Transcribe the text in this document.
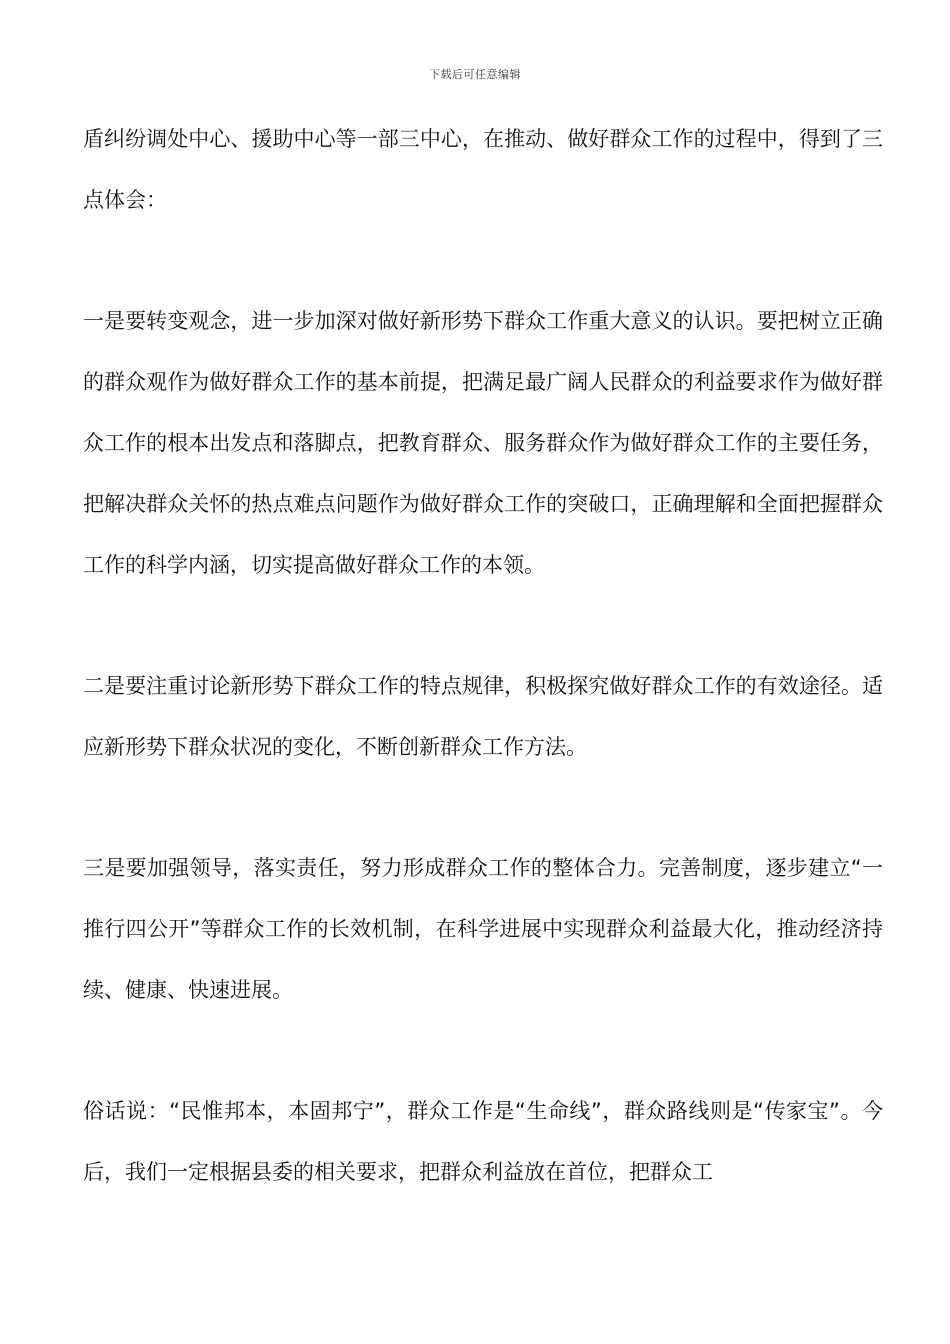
下载后可任意编辑

盾纠纷调处中心、援助中心等一部三中心，在推动、做好群众工作的过程中，得到了三点体会：

一是要转变观念，进一步加深对做好新形势下群众工作重大意义的认识。要把树立正确的群众观作为做好群众工作的基本前提，把满足最广阔人民群众的利益要求作为做好群众工作的根本出发点和落脚点，把教育群众、服务群众作为做好群众工作的主要任务，把解决群众关怀的热点难点问题作为做好群众工作的突破口，正确理解和全面把握群众工作的科学内涵，切实提高做好群众工作的本领。

二是要注重讨论新形势下群众工作的特点规律，积极探究做好群众工作的有效途径。适应新形势下群众状况的变化，不断创新群众工作方法。

三是要加强领导，落实责任，努力形成群众工作的整体合力。完善制度，逐步建立“一推行四公开”等群众工作的长效机制，在科学进展中实现群众利益最大化，推动经济持续、健康、快速进展。

俗话说：“民惟邦本，本固邦宁”，群众工作是“生命线”，群众路线则是“传家宝”。今后，我们一定根据县委的相关要求，把群众利益放在首位，把群众工
